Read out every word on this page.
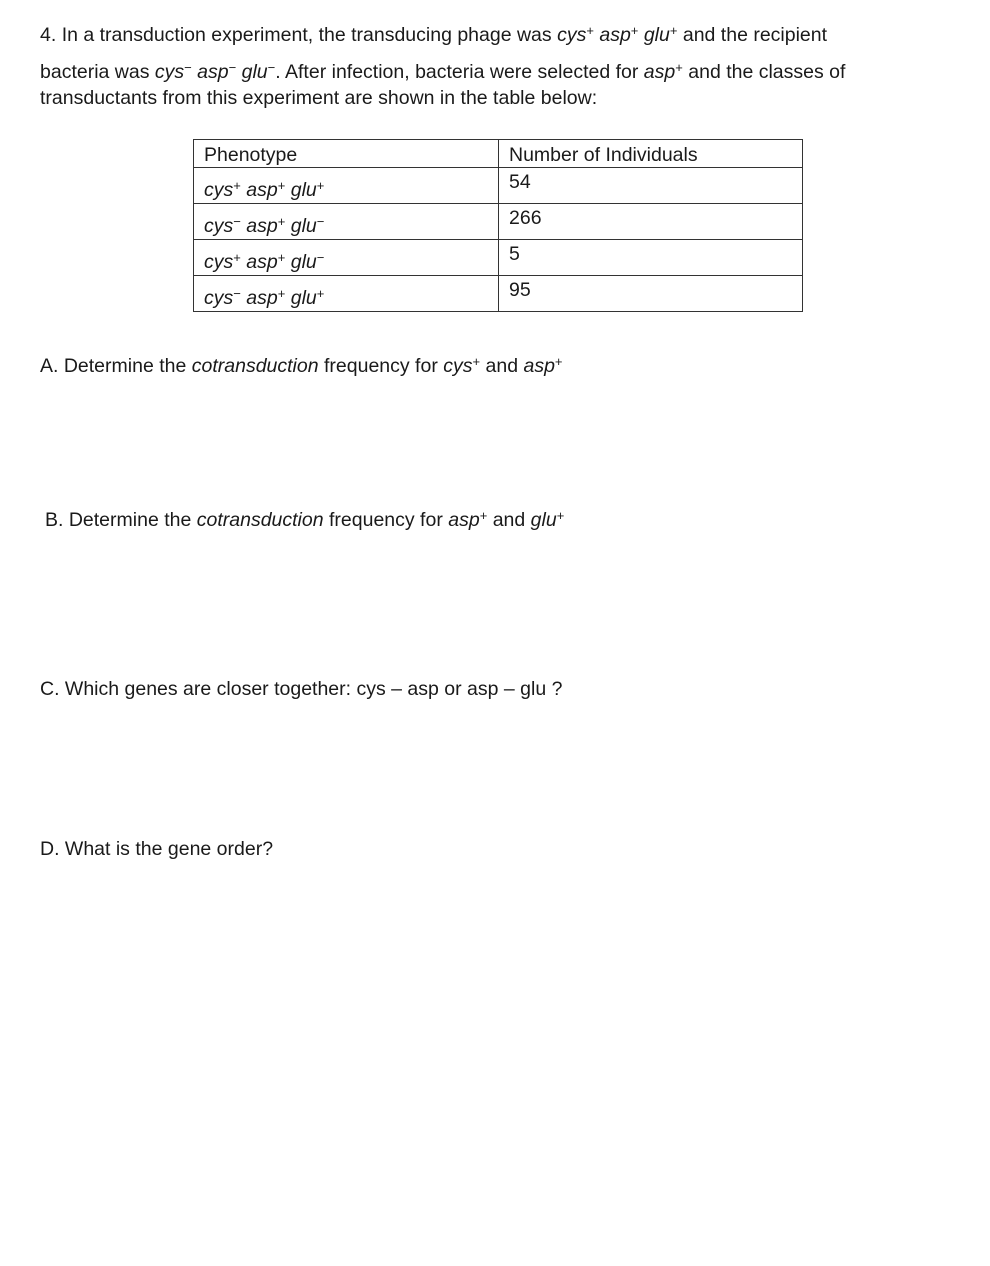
4. In a transduction experiment, the transducing phage was cys+ asp+ glu+ and the recipient
bacteria was cys− asp− glu−. After infection, bacteria were selected for asp+ and the classes of
transductants from this experiment are shown in the table below:
Phenotype	Number of Individuals

cys+ asp+ glu+	54

cys− asp+ glu−	266

cys+ asp+ glu−	5

cys− asp+ glu+	95
A. Determine the cotransduction frequency for cys+ and asp+
B. Determine the cotransduction frequency for asp+ and glu+
C. Which genes are closer together: cys – asp or asp – glu ?
D. What is the gene order?
